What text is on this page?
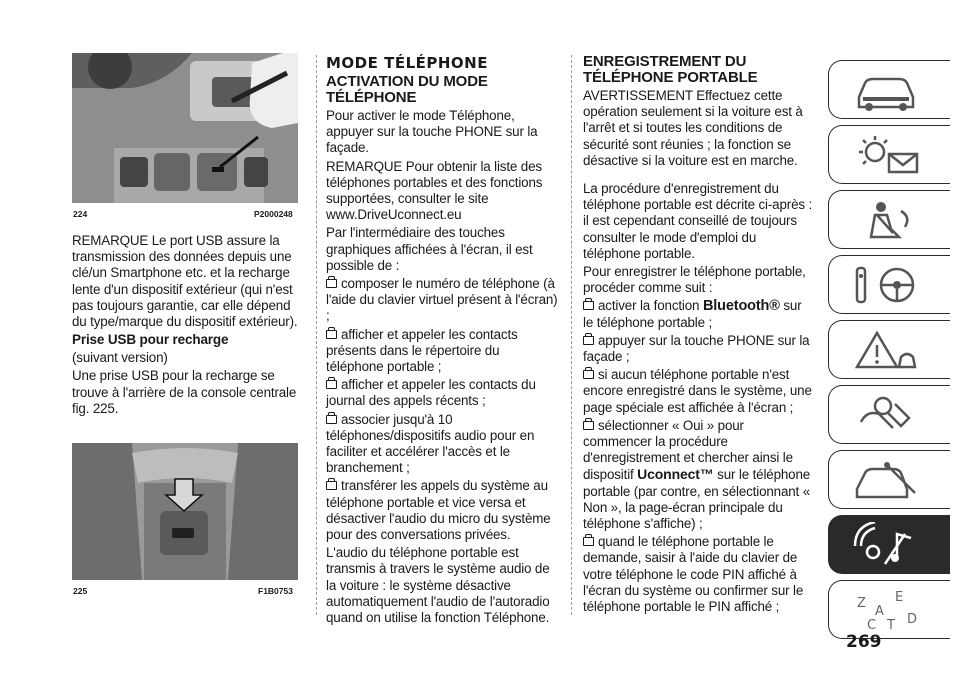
224	P2000248

REMARQUE Le port USB assure la transmission des données depuis une clé/un Smartphone etc. et la recharge lente d'un dispositif extérieur (qui n'est pas toujours garantie, car elle dépend du type/marque du dispositif extérieur).

Prise USB pour recharge

(suivant version)

Une prise USB pour la recharge se trouve à l'arrière de la console centrale fig. 225.

225	F1B0753

MODE TÉLÉPHONE

ACTIVATION DU MODE TÉLÉPHONE

Pour activer le mode Téléphone, appuyer sur la touche PHONE sur la façade.

REMARQUE Pour obtenir la liste des téléphones portables et des fonctions supportées, consulter le site www.DriveUconnect.eu

Par l'intermédiaire des touches graphiques affichées à l'écran, il est possible de :

composer le numéro de téléphone (à l'aide du clavier virtuel présent à l'écran) ;

afficher et appeler les contacts présents dans le répertoire du téléphone portable ;

afficher et appeler les contacts du journal des appels récents ;

associer jusqu'à 10 téléphones/dispositifs audio pour en faciliter et accélérer l'accès et le branchement ;

transférer les appels du système au téléphone portable et vice versa et désactiver l'audio du micro du système pour des conversations privées.

L'audio du téléphone portable est transmis à travers le système audio de la voiture : le système désactive automatiquement l'audio de l'autoradio quand on utilise la fonction Téléphone.

ENREGISTREMENT DU TÉLÉPHONE PORTABLE

AVERTISSEMENT Effectuez cette opération seulement si la voiture est à l'arrêt et si toutes les conditions de sécurité sont réunies ; la fonction se désactive si la voiture est en marche.

La procédure d'enregistrement du téléphone portable est décrite ci-après : il est cependant conseillé de toujours consulter le mode d'emploi du téléphone portable.

Pour enregistrer le téléphone portable, procéder comme suit :

activer la fonction Bluetooth® sur le téléphone portable ;

appuyer sur la touche PHONE sur la façade ;

si aucun téléphone portable n'est encore enregistré dans le système, une page spéciale est affichée à l'écran ;

sélectionner « Oui » pour commencer la procédure d'enregistrement et chercher ainsi le dispositif Uconnect™ sur le téléphone portable (par contre, en sélectionnant « Non », la page-écran principale du téléphone s'affiche) ;

quand le téléphone portable le demande, saisir à l'aide du clavier de votre téléphone le code PIN affiché à l'écran du système ou confirmer sur le téléphone portable le PIN affiché ;	Z E
A
C T D
269
